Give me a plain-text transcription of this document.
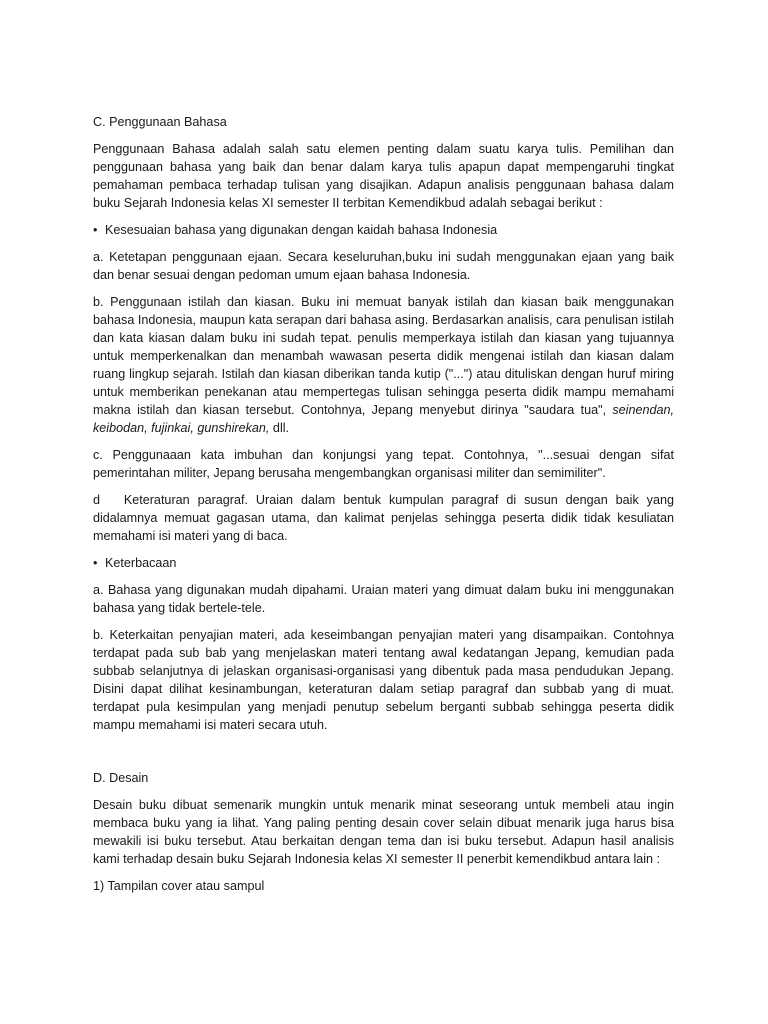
C. Penggunaan Bahasa

Penggunaan Bahasa adalah salah satu elemen penting dalam suatu karya tulis. Pemilihan dan penggunaan bahasa yang baik dan benar dalam karya tulis apapun dapat mempengaruhi tingkat pemahaman pembaca terhadap tulisan yang disajikan. Adapun analisis penggunaan bahasa dalam buku Sejarah Indonesia kelas XI semester II terbitan Kemendikbud adalah sebagai berikut :

• Kesesuaian bahasa yang digunakan dengan kaidah bahasa Indonesia

a. Ketetapan penggunaan ejaan. Secara keseluruhan,buku ini sudah menggunakan ejaan yang baik dan benar sesuai dengan pedoman umum ejaan bahasa Indonesia.

b. Penggunaan istilah dan kiasan. Buku ini memuat banyak istilah dan kiasan baik menggunakan bahasa Indonesia, maupun kata serapan dari bahasa asing. Berdasarkan analisis, cara penulisan istilah dan kata kiasan dalam buku ini sudah tepat. penulis memperkaya istilah dan kiasan yang tujuannya untuk memperkenalkan dan menambah wawasan peserta didik mengenai istilah dan kiasan dalam ruang lingkup sejarah. Istilah dan kiasan diberikan tanda kutip ("...") atau dituliskan dengan huruf miring untuk memberikan penekanan atau mempertegas tulisan sehingga peserta didik mampu memahami makna istilah dan kiasan tersebut. Contohnya, Jepang menyebut dirinya "saudara tua", seinendan, keibodan, fujinkai, gunshirekan, dll.

c. Penggunaaan kata imbuhan dan konjungsi yang tepat. Contohnya, "...sesuai dengan sifat pemerintahan militer, Jepang berusaha mengembangkan organisasi militer dan semimiliter".

d   Keteraturan paragraf. Uraian dalam bentuk kumpulan paragraf di susun dengan baik yang didalamnya memuat gagasan utama, dan kalimat penjelas sehingga peserta didik tidak kesuliatan memahami isi materi yang di baca.

• Keterbacaan

a. Bahasa yang digunakan mudah dipahami. Uraian materi yang dimuat dalam buku ini menggunakan bahasa yang tidak bertele-tele.

b. Keterkaitan penyajian materi, ada keseimbangan penyajian materi yang disampaikan. Contohnya terdapat pada sub bab yang menjelaskan materi tentang awal kedatangan Jepang, kemudian pada subbab selanjutnya di jelaskan organisasi-organisasi yang dibentuk pada masa pendudukan Jepang. Disini dapat dilihat kesinambungan, keteraturan dalam setiap paragraf dan subbab yang di muat. terdapat pula kesimpulan yang menjadi penutup sebelum berganti subbab sehingga peserta didik mampu memahami isi materi secara utuh.

D. Desain

Desain buku dibuat semenarik mungkin untuk menarik minat seseorang untuk membeli atau ingin membaca buku yang ia lihat. Yang paling penting desain cover selain dibuat menarik juga harus bisa mewakili isi buku tersebut. Atau berkaitan dengan tema dan isi buku tersebut. Adapun hasil analisis kami terhadap desain buku Sejarah Indonesia kelas XI semester II penerbit kemendikbud antara lain :

1) Tampilan cover atau sampul
